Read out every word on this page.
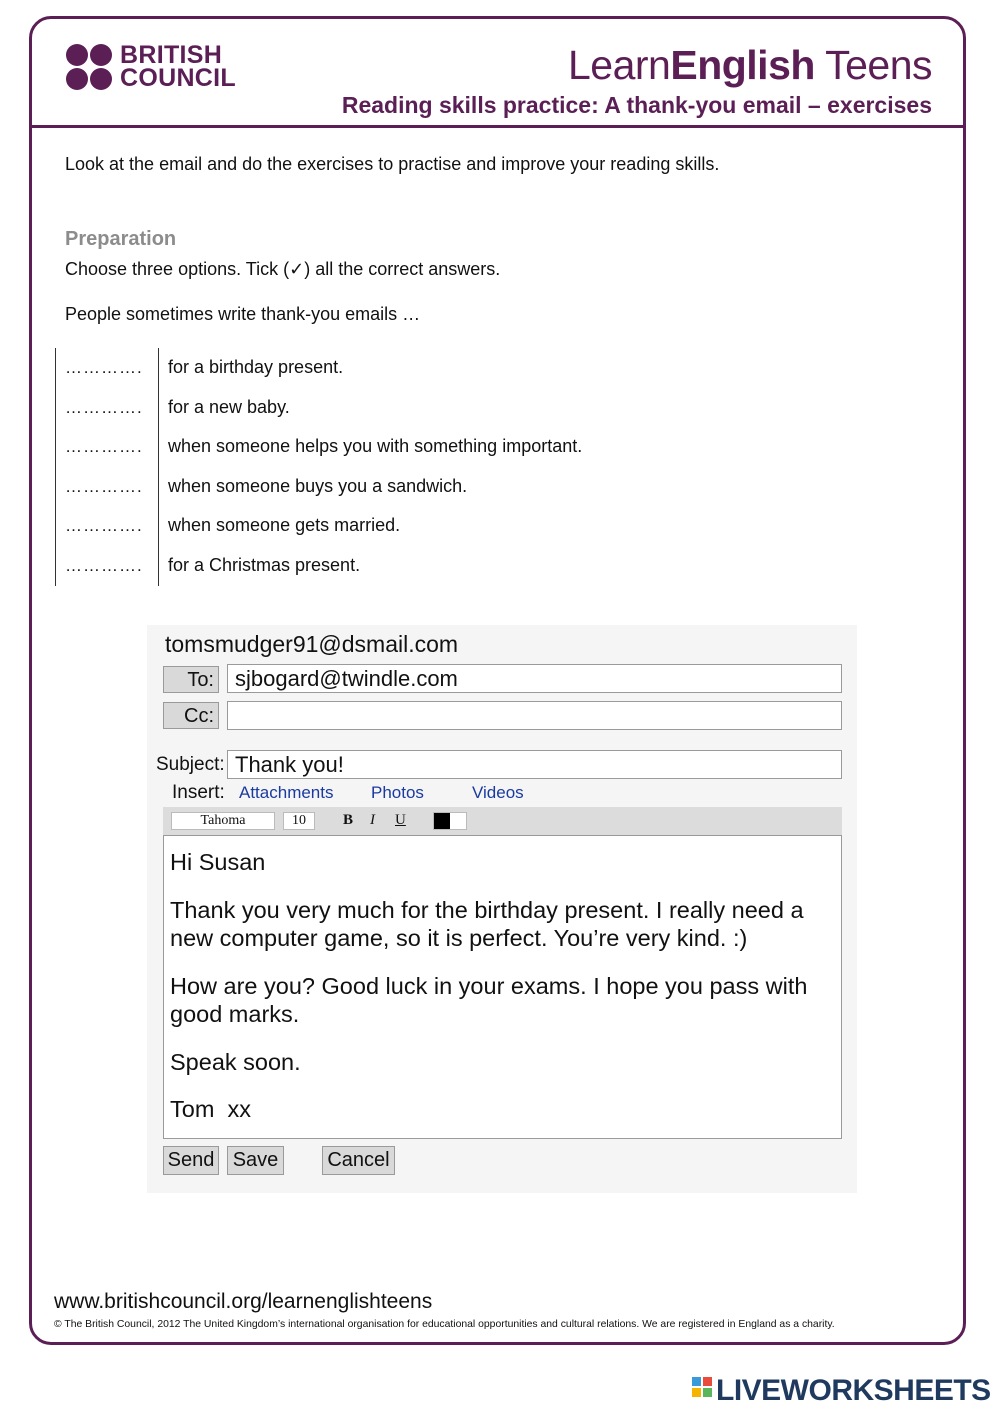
BRITISH
COUNCIL	LearnEnglish Teens
Reading skills practice: A thank-you email – exercises
Look at the email and do the exercises to practise and improve your reading skills.
Preparation
Choose three options. Tick (✓) all the correct answers.
People sometimes write thank-you emails …
…………. for a birthday present.
…………. for a new baby.
…………. when someone helps you with something important.
…………. when someone buys you a sandwich.
…………. when someone gets married.
…………. for a Christmas present.
tomsmudger91@dsmail.com
To: sjbogard@twindle.com
Cc:
Subject: Thank you!
Insert: Attachments Photos	Videos
Tahoma	10	B I U

Hi Susan

Thank you very much for the birthday present. I really need a new computer game, so it is perfect. You’re very kind. :)

How are you? Good luck in your exams. I hope you pass with good marks.

Speak soon.

Tom  xx

Send Save Cancel
www.britishcouncil.org/learnenglishteens
© The British Council, 2012 The United Kingdom’s international organisation for educational opportunities and cultural relations. We are registered in England as a charity.
LIVEWORKSHEETS
